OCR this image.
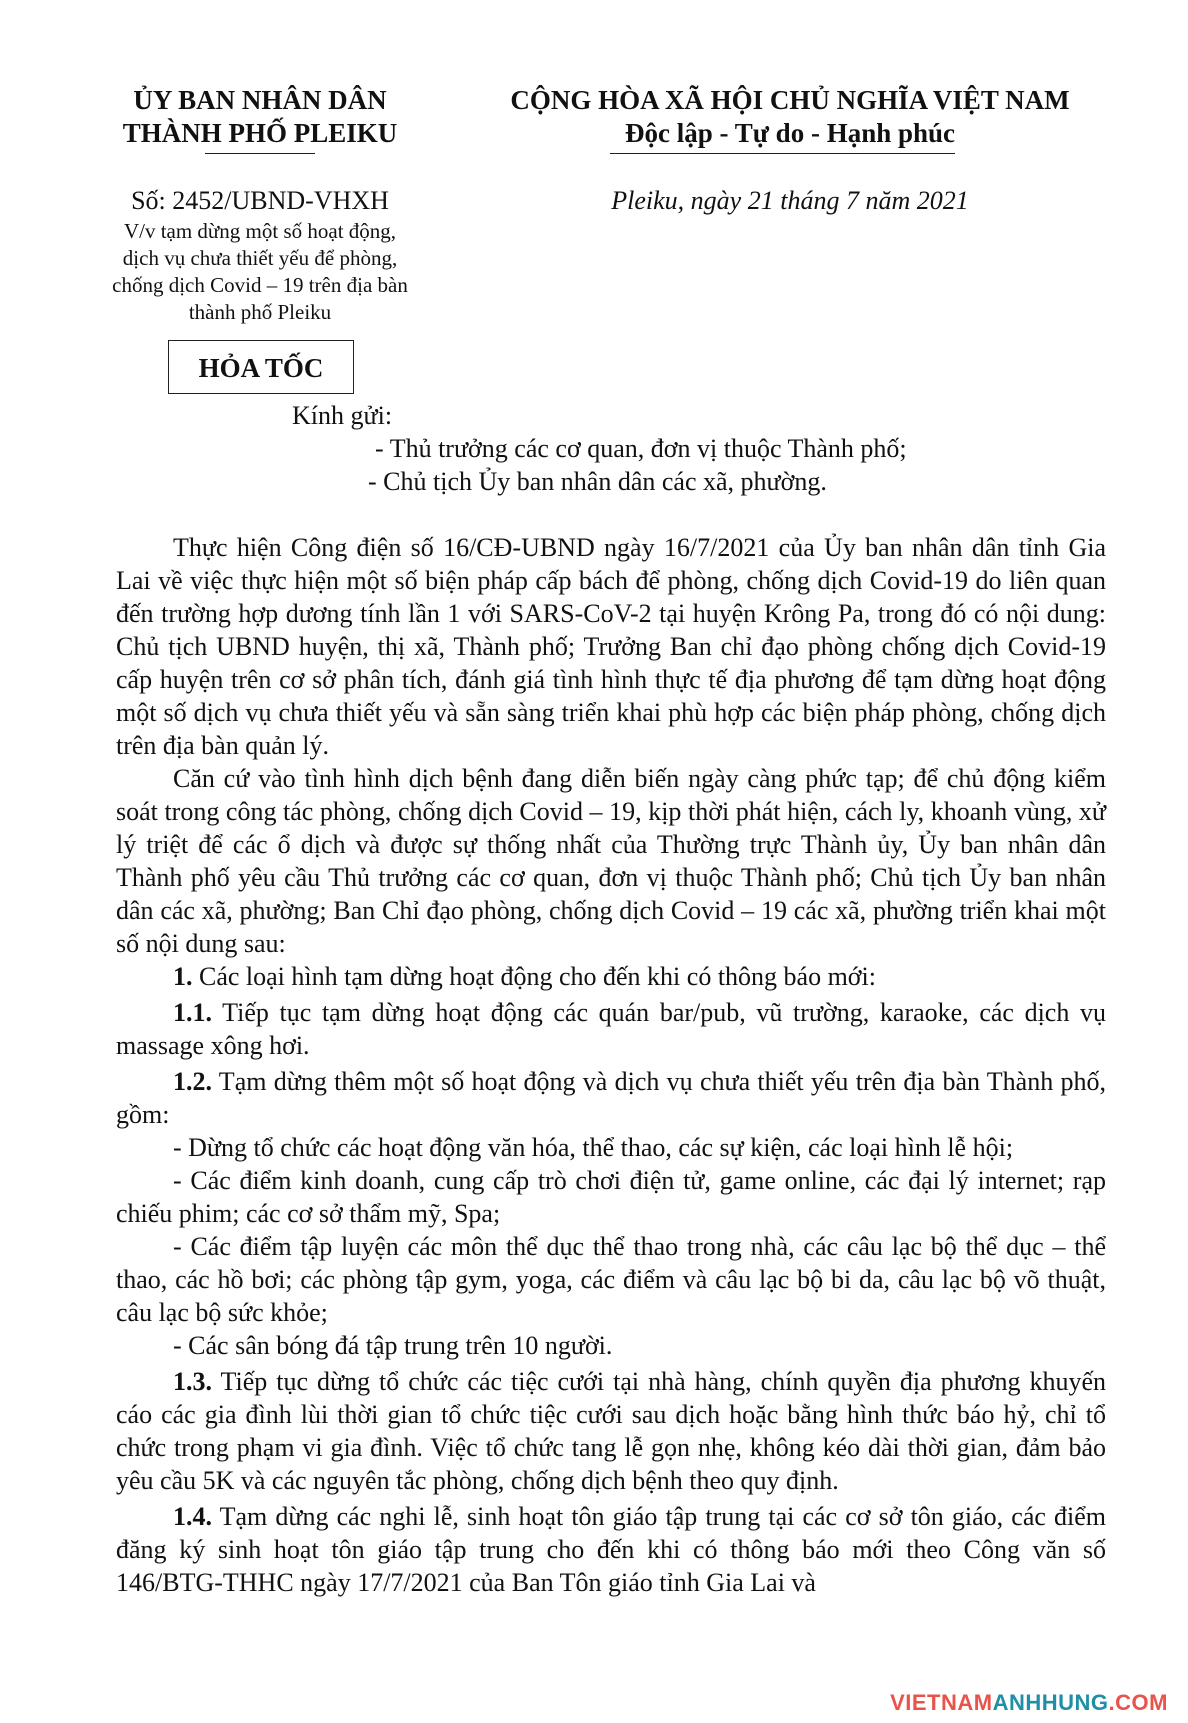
ỦY BAN NHÂN DÂN
THÀNH PHỐ PLEIKU
CỘNG HÒA XÃ HỘI CHỦ NGHĨA VIỆT NAM
Độc lập - Tự do - Hạnh phúc
Số: 2452/UBND-VHXH
V/v tạm dừng một số hoạt động,
dịch vụ chưa thiết yếu để phòng,
chống dịch Covid – 19 trên địa bàn
thành phố Pleiku
Pleiku, ngày 21 tháng 7 năm 2021
HỎA TỐC
Kính gửi:
- Thủ trưởng các cơ quan, đơn vị thuộc Thành phố;
- Chủ tịch Ủy ban nhân dân các xã, phường.

Thực hiện Công điện số 16/CĐ-UBND ngày 16/7/2021 của Ủy ban nhân dân tỉnh Gia Lai về việc thực hiện một số biện pháp cấp bách để phòng, chống dịch Covid-19 do liên quan đến trường hợp dương tính lần 1 với SARS-CoV-2 tại huyện Krông Pa, trong đó có nội dung: Chủ tịch UBND huyện, thị xã, Thành phố; Trưởng Ban chỉ đạo phòng chống dịch Covid-19 cấp huyện trên cơ sở phân tích, đánh giá tình hình thực tế địa phương để tạm dừng hoạt động một số dịch vụ chưa thiết yếu và sẵn sàng triển khai phù hợp các biện pháp phòng, chống dịch trên địa bàn quản lý.

Căn cứ vào tình hình dịch bệnh đang diễn biến ngày càng phức tạp; để chủ động kiểm soát trong công tác phòng, chống dịch Covid – 19, kịp thời phát hiện, cách ly, khoanh vùng, xử lý triệt để các ổ dịch và được sự thống nhất của Thường trực Thành ủy, Ủy ban nhân dân Thành phố yêu cầu Thủ trưởng các cơ quan, đơn vị thuộc Thành phố; Chủ tịch Ủy ban nhân dân các xã, phường; Ban Chỉ đạo phòng, chống dịch Covid – 19 các xã, phường triển khai một số nội dung sau:

1. Các loại hình tạm dừng hoạt động cho đến khi có thông báo mới:

1.1. Tiếp tục tạm dừng hoạt động các quán bar/pub, vũ trường, karaoke, các dịch vụ massage xông hơi.

1.2. Tạm dừng thêm một số hoạt động và dịch vụ chưa thiết yếu trên địa bàn Thành phố, gồm:

- Dừng tổ chức các hoạt động văn hóa, thể thao, các sự kiện, các loại hình lễ hội;

- Các điểm kinh doanh, cung cấp trò chơi điện tử, game online, các đại lý internet; rạp chiếu phim; các cơ sở thẩm mỹ, Spa;

- Các điểm tập luyện các môn thể dục thể thao trong nhà, các câu lạc bộ thể dục – thể thao, các hồ bơi; các phòng tập gym, yoga, các điểm và câu lạc bộ bi da, câu lạc bộ võ thuật, câu lạc bộ sức khỏe;

- Các sân bóng đá tập trung trên 10 người.

1.3. Tiếp tục dừng tổ chức các tiệc cưới tại nhà hàng, chính quyền địa phương khuyến cáo các gia đình lùi thời gian tổ chức tiệc cưới sau dịch hoặc bằng hình thức báo hỷ, chỉ tổ chức trong phạm vi gia đình. Việc tổ chức tang lễ gọn nhẹ, không kéo dài thời gian, đảm bảo yêu cầu 5K và các nguyên tắc phòng, chống dịch bệnh theo quy định.

1.4. Tạm dừng các nghi lễ, sinh hoạt tôn giáo tập trung tại các cơ sở tôn giáo, các điểm đăng ký sinh hoạt tôn giáo tập trung cho đến khi có thông báo mới theo Công văn số 146/BTG-THHC ngày 17/7/2021 của Ban Tôn giáo tỉnh Gia Lai và

VIETNAMANHHUNG.COM
